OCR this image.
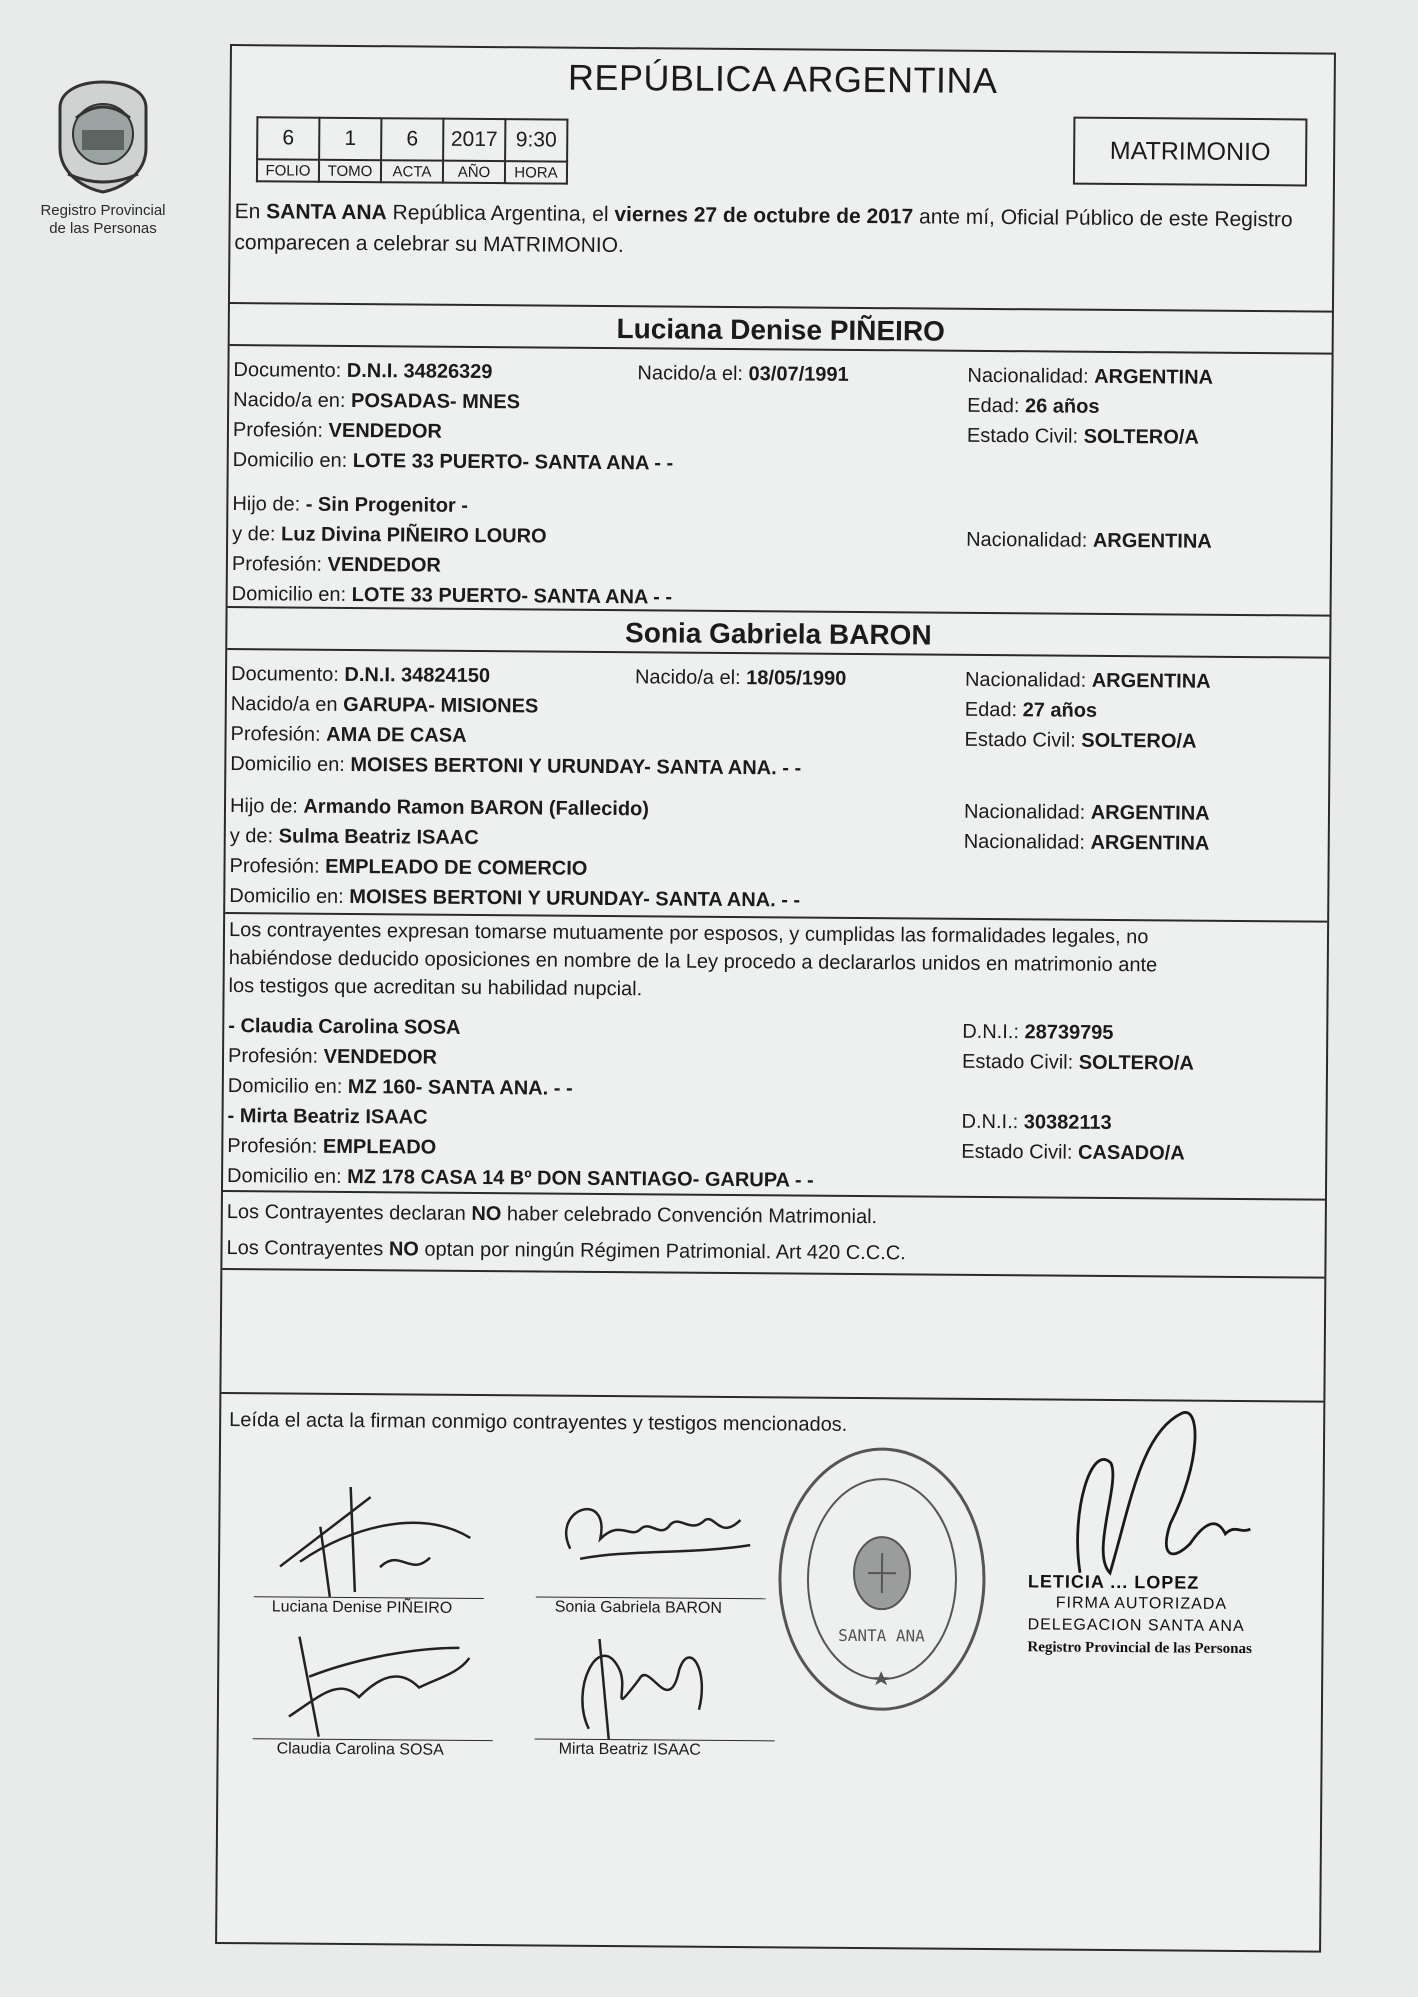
Registro Provincial
de las Personas
REPÚBLICA ARGENTINA
6	1	6	2017	9:30
FOLIO	TOMO	ACTA	AÑO	HORA
MATRIMONIO
En SANTA ANA República Argentina, el viernes 27 de octubre de 2017 ante mí, Oficial Público de este Registro comparecen a celebrar su MATRIMONIO.
Luciana Denise PIÑEIRO
Documento: D.N.I. 34826329	Nacido/a el: 03/07/1991	Nacionalidad: ARGENTINA
Nacido/a en: POSADAS- MNES	Edad: 26 años
Profesión: VENDEDOR	Estado Civil: SOLTERO/A
Domicilio en: LOTE 33 PUERTO- SANTA ANA - -
Hijo de: - Sin Progenitor -
y de: Luz Divina PIÑEIRO LOURO	Nacionalidad: ARGENTINA
Profesión: VENDEDOR
Domicilio en: LOTE 33 PUERTO- SANTA ANA - -
Sonia Gabriela BARON
Documento: D.N.I. 34824150	Nacido/a el: 18/05/1990	Nacionalidad: ARGENTINA
Nacido/a en GARUPA- MISIONES	Edad: 27 años
Profesión: AMA DE CASA	Estado Civil: SOLTERO/A
Domicilio en: MOISES BERTONI Y URUNDAY- SANTA ANA. - -
Hijo de: Armando Ramon BARON (Fallecido)	Nacionalidad: ARGENTINA
y de: Sulma Beatriz ISAAC	Nacionalidad: ARGENTINA
Profesión: EMPLEADO DE COMERCIO
Domicilio en: MOISES BERTONI Y URUNDAY- SANTA ANA. - -
Los contrayentes expresan tomarse mutuamente por esposos, y cumplidas las formalidades legales, no
habiéndose deducido oposiciones en nombre de la Ley procedo a declararlos unidos en matrimonio ante
los testigos que acreditan su habilidad nupcial.
- Claudia Carolina SOSA	D.N.I.: 28739795
Profesión: VENDEDOR	Estado Civil: SOLTERO/A
Domicilio en: MZ 160- SANTA ANA. - -
- Mirta Beatriz ISAAC	D.N.I.: 30382113
Profesión: EMPLEADO	Estado Civil: CASADO/A
Domicilio en: MZ 178 CASA 14 Bº DON SANTIAGO- GARUPA - -
Los Contrayentes declaran NO haber celebrado Convención Matrimonial.
Los Contrayentes NO optan por ningún Régimen Patrimonial. Art 420 C.C.C.
Leída el acta la firman conmigo contrayentes y testigos mencionados.
Luciana Denise PIÑEIRO	Sonia Gabriela BARON
Claudia Carolina SOSA	Mirta Beatriz ISAAC
SANTA ANA
LETICIA ... LOPEZ
FIRMA AUTORIZADA
DELEGACION SANTA ANA
Registro Provincial de las Personas
